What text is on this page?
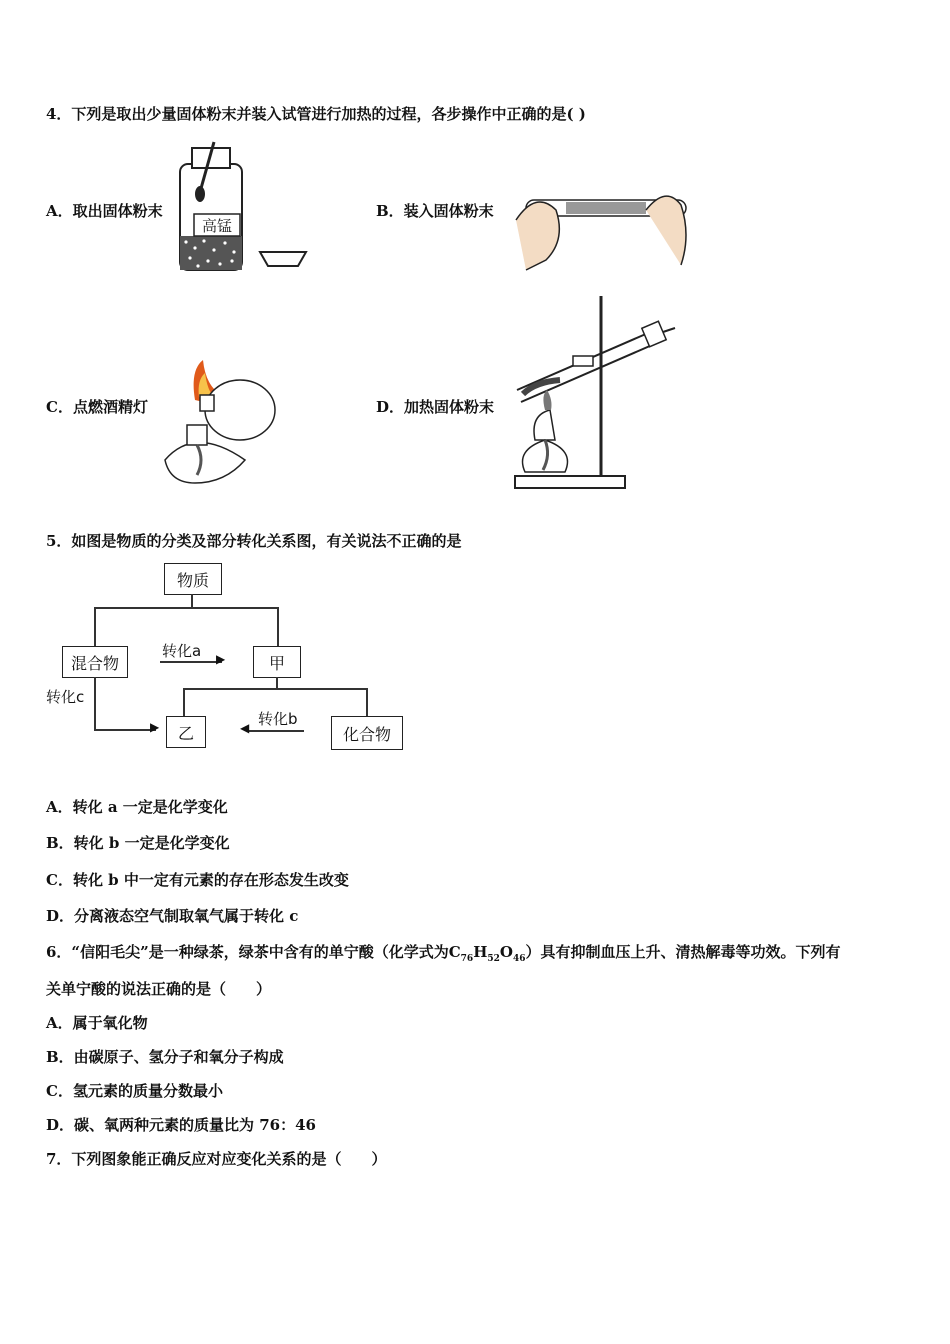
4．下列是取出少量固体粉末并装入试管进行加热的过程，各步操作中正确的是( )
A．取出固体粉末
高锰
B．装入固体粉末
C．点燃酒精灯	D．加热固体粉末
5．如图是物质的分类及部分转化关系图，有关说法不正确的是
物质
混合物	甲
转化a ▶
转化c
▶	乙
转化b
◀	化合物
A．转化 a 一定是化学变化
B．转化 b 一定是化学变化
C．转化 b 中一定有元素的存在形态发生改变
D．分离液态空气制取氧气属于转化 c
6．“信阳毛尖”是一种绿茶，绿茶中含有的单宁酸（化学式为$C_{76}H_{52}O_{46}$）具有抑制血压上升、清热解毒等功效。下列有
关单宁酸的说法正确的是（　　）
A．属于氧化物
B．由碳原子、氢分子和氧分子构成
C．氢元素的质量分数最小
D．碳、氧两种元素的质量比为 76：46
7．下列图象能正确反应对应变化关系的是（　　）
